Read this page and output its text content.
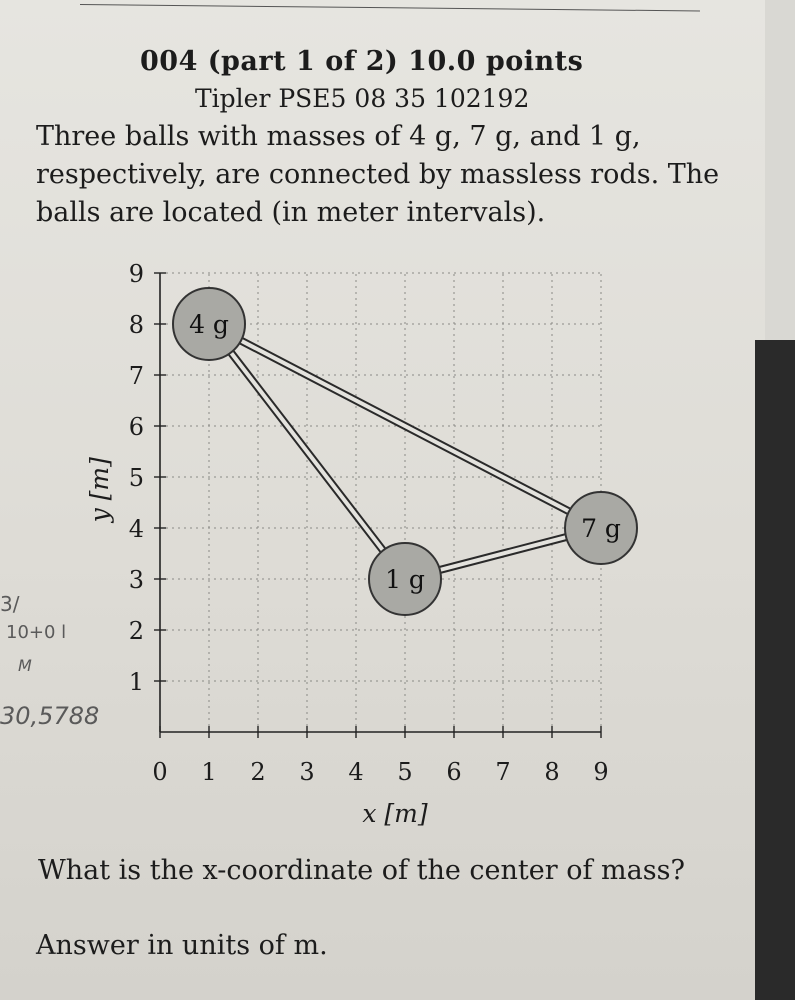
004 (part 1 of 2) 10.0 points
Tipler PSE5 08 35 102192
Three balls with masses of 4 g, 7 g, and 1 g, respectively, are connected by massless rods. The balls are located (in meter intervals).
0 1 2 3 4 5 6 7 8 9
1
2
3
4
5
6
7
8
9
x [m]
y [m]
4 g
7 g
1 g
3/
10+0 l
M
30,5788
What is the x-coordinate of the center of mass?
Answer in units of m.
